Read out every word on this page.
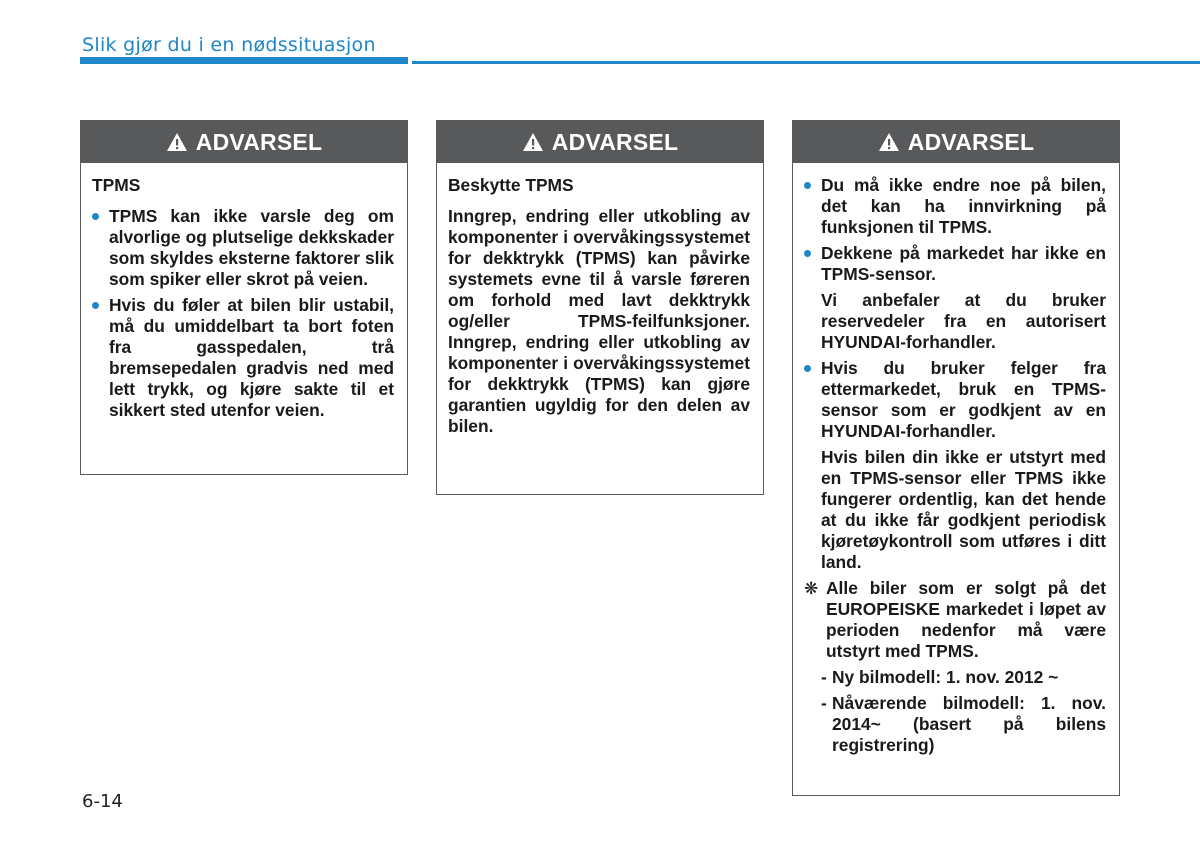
Slik gjør du i en nødssituasjon
ADVARSEL
TPMS
TPMS kan ikke varsle deg om alvorlige og plutselige dekkskader som skyldes eksterne faktorer slik som spiker eller skrot på veien.
Hvis du føler at bilen blir ustabil, må du umiddelbart ta bort foten fra gasspedalen, trå bremsepedalen gradvis ned med lett trykk, og kjøre sakte til et sikkert sted utenfor veien.
ADVARSEL
Beskytte TPMS
Inngrep, endring eller utkobling av komponenter i overvåkingssystemet for dekktrykk (TPMS) kan påvirke systemets evne til å varsle føreren om forhold med lavt dekktrykk og/eller TPMS-feilfunksjoner. Inngrep, endring eller utkobling av komponenter i overvåkingssystemet for dekktrykk (TPMS) kan gjøre garantien ugyldig for den delen av bilen.
ADVARSEL
Du må ikke endre noe på bilen, det kan ha innvirkning på funksjonen til TPMS.
Dekkene på markedet har ikke en TPMS-sensor.
Vi anbefaler at du bruker reservedeler fra en autorisert HYUNDAI-forhandler.
Hvis du bruker felger fra ettermarkedet, bruk en TPMS-sensor som er godkjent av en HYUNDAI-forhandler.
Hvis bilen din ikke er utstyrt med en TPMS-sensor eller TPMS ikke fungerer ordentlig, kan det hende at du ikke får godkjent periodisk kjøretøykontroll som utføres i ditt land.
❋ Alle biler som er solgt på det EUROPEISKE markedet i løpet av perioden nedenfor må være utstyrt med TPMS.
- Ny bilmodell: 1. nov. 2012 ~
- Nåværende bilmodell: 1. nov. 2014~ (basert på bilens registrering)
6-14
